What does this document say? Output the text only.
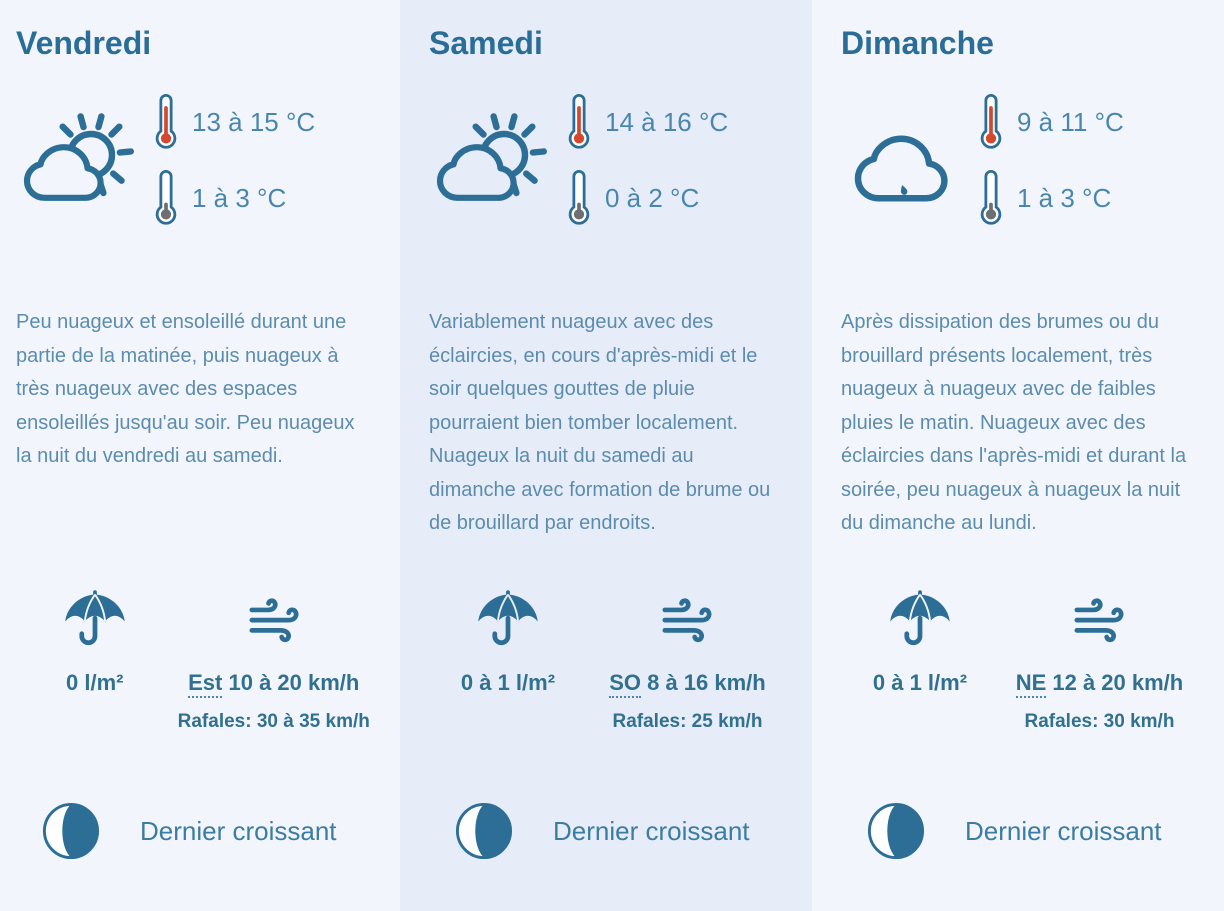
Vendredi
13 à 15 °C
1 à 3 °C

Peu nuageux et ensoleillé durant une partie de la matinée, puis nuageux à très nuageux avec des espaces ensoleillés jusqu'au soir. Peu nuageux la nuit du vendredi au samedi.

0 l/m²	Est 10 à 20 km/h
Rafales: 30 à 35 km/h
Dernier croissant
Samedi
14 à 16 °C
0 à 2 °C

Variablement nuageux avec des éclaircies, en cours d'après-midi et le soir quelques gouttes de pluie pourraient bien tomber localement. Nuageux la nuit du samedi au dimanche avec formation de brume ou de brouillard par endroits.

0 à 1 l/m² SO 8 à 16 km/h
Rafales: 25 km/h
Dernier croissant
Dimanche
9 à 11 °C
1 à 3 °C

Après dissipation des brumes ou du brouillard présents localement, très nuageux à nuageux avec de faibles pluies le matin. Nuageux avec des éclaircies dans l'après-midi et durant la soirée, peu nuageux à nuageux la nuit du dimanche au lundi.

0 à 1 l/m² NE 12 à 20 km/h
Rafales: 30 km/h
Dernier croissant
